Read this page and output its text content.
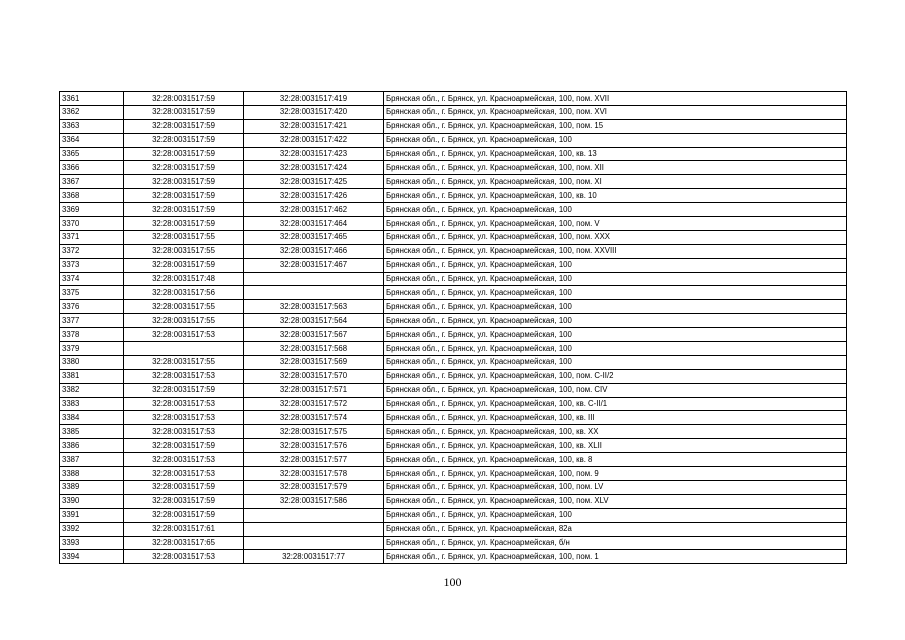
3361	32:28:0031517:59	32:28:0031517:419	Брянская обл., г. Брянск, ул. Красноармейская, 100, пом. XVII
3362	32:28:0031517:59	32:28:0031517:420	Брянская обл., г. Брянск, ул. Красноармейская, 100, пом. XVI
3363	32:28:0031517:59	32:28:0031517:421	Брянская обл., г. Брянск, ул. Красноармейская, 100, пом. 15
3364	32:28:0031517:59	32:28:0031517:422	Брянская обл., г. Брянск, ул. Красноармейская, 100
3365	32:28:0031517:59	32:28:0031517:423	Брянская обл., г. Брянск, ул. Красноармейская, 100, кв. 13
3366	32:28:0031517:59	32:28:0031517:424	Брянская обл., г. Брянск, ул. Красноармейская, 100, пом. XII
3367	32:28:0031517:59	32:28:0031517:425	Брянская обл., г. Брянск, ул. Красноармейская, 100, пом. XI
3368	32:28:0031517:59	32:28:0031517:426	Брянская обл., г. Брянск, ул. Красноармейская, 100, кв. 10
3369	32:28:0031517:59	32:28:0031517:462	Брянская обл., г. Брянск, ул. Красноармейская, 100
3370	32:28:0031517:59	32:28:0031517:464	Брянская обл., г. Брянск, ул. Красноармейская, 100, пом. V
3371	32:28:0031517:55	32:28:0031517:465	Брянская обл., г. Брянск, ул. Красноармейская, 100, пом. XXX
3372	32:28:0031517:55	32:28:0031517:466	Брянская обл., г. Брянск, ул. Красноармейская, 100, пом. XXVIII
3373	32:28:0031517:59	32:28:0031517:467	Брянская обл., г. Брянск, ул. Красноармейская, 100
3374	32:28:0031517:48		Брянская обл., г. Брянск, ул. Красноармейская, 100
3375	32:28:0031517:56		Брянская обл., г. Брянск, ул. Красноармейская, 100
3376	32:28:0031517:55	32:28:0031517:563	Брянская обл., г. Брянск, ул. Красноармейская, 100
3377	32:28:0031517:55	32:28:0031517:564	Брянская обл., г. Брянск, ул. Красноармейская, 100
3378	32:28:0031517:53	32:28:0031517:567	Брянская обл., г. Брянск, ул. Красноармейская, 100
3379		32:28:0031517:568	Брянская обл., г. Брянск, ул. Красноармейская, 100
3380	32:28:0031517:55	32:28:0031517:569	Брянская обл., г. Брянск, ул. Красноармейская, 100
3381	32:28:0031517:53	32:28:0031517:570	Брянская обл., г. Брянск, ул. Красноармейская, 100, пом. С-II/2
3382	32:28:0031517:59	32:28:0031517:571	Брянская обл., г. Брянск, ул. Красноармейская, 100, пом. CIV
3383	32:28:0031517:53	32:28:0031517:572	Брянская обл., г. Брянск, ул. Красноармейская, 100, кв. С-II/1
3384	32:28:0031517:53	32:28:0031517:574	Брянская обл., г. Брянск, ул. Красноармейская, 100, кв. III
3385	32:28:0031517:53	32:28:0031517:575	Брянская обл., г. Брянск, ул. Красноармейская, 100, кв. XX
3386	32:28:0031517:59	32:28:0031517:576	Брянская обл., г. Брянск, ул. Красноармейская, 100, кв. XLII
3387	32:28:0031517:53	32:28:0031517:577	Брянская обл., г. Брянск, ул. Красноармейская, 100, кв. 8
3388	32:28:0031517:53	32:28:0031517:578	Брянская обл., г. Брянск, ул. Красноармейская, 100, пом. 9
3389	32:28:0031517:59	32:28:0031517:579	Брянская обл., г. Брянск, ул. Красноармейская, 100, пом. LV
3390	32:28:0031517:59	32:28:0031517:586	Брянская обл., г. Брянск, ул. Красноармейская, 100, пом. XLV
3391	32:28:0031517:59		Брянская обл., г. Брянск, ул. Красноармейская, 100
3392	32:28:0031517:61		Брянская обл., г. Брянск, ул. Красноармейская, 82а
3393	32:28:0031517:65		Брянская обл., г. Брянск, ул. Красноармейская, б/н
3394	32:28:0031517:53	32:28:0031517:77	Брянская обл., г. Брянск, ул. Красноармейская, 100, пом. 1
100
